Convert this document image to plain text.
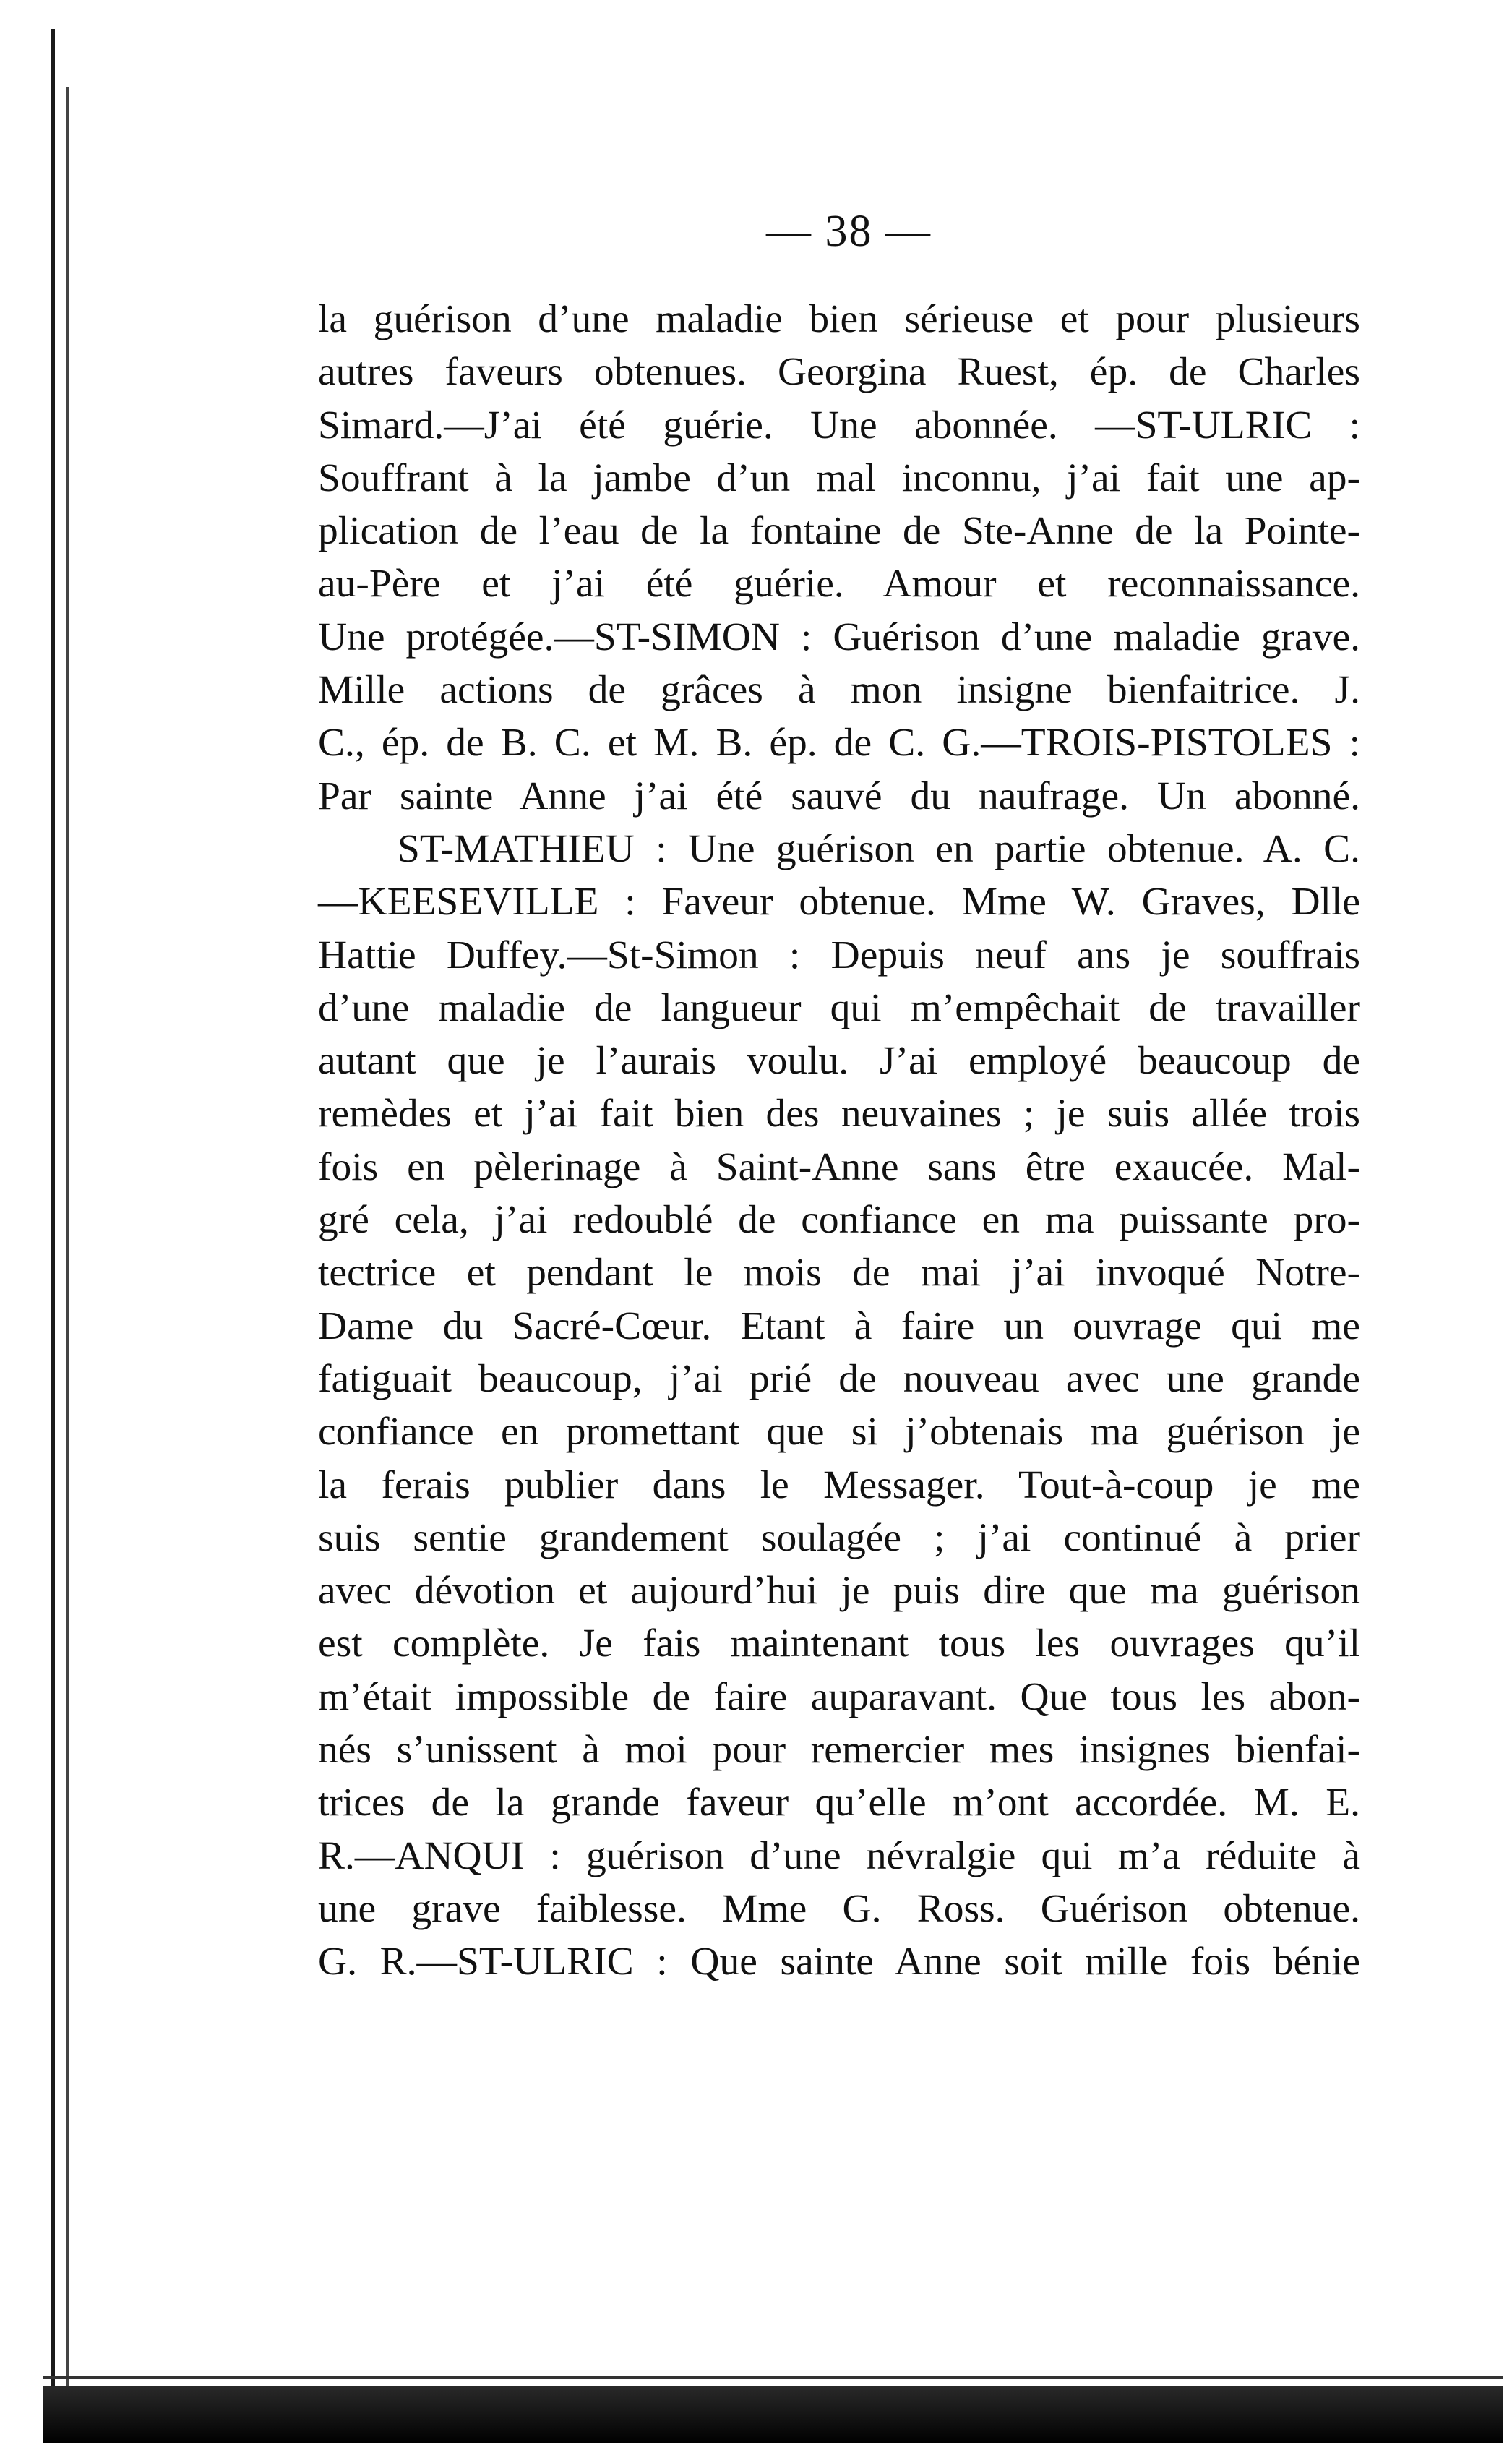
— 38 —
la guérison d’une maladie bien sérieuse et pour plusieurs
autres faveurs obtenues. Georgina Ruest, ép. de Charles
Simard.—J’ai été guérie. Une abonnée. —ST-ULRIC :
Souffrant à la jambe d’un mal inconnu, j’ai fait une ap-
plication de l’eau de la fontaine de Ste-Anne de la Pointe-
au-Père et j’ai été guérie. Amour et reconnaissance.
Une protégée.—ST-SIMON : Guérison d’une maladie grave.
Mille actions de grâces à mon insigne bienfaitrice. J.
C., ép. de B. C. et M. B. ép. de C. G.—TROIS-PISTOLES :
Par sainte Anne j’ai été sauvé du naufrage. Un abonné.
ST-MATHIEU : Une guérison en partie obtenue. A. C.
—KEESEVILLE : Faveur obtenue. Mme W. Graves, Dlle
Hattie Duffey.—St-Simon : Depuis neuf ans je souffrais
d’une maladie de langueur qui m’empêchait de travailler
autant que je l’aurais voulu. J’ai employé beaucoup de
remèdes et j’ai fait bien des neuvaines ; je suis allée trois
fois en pèlerinage à Saint-Anne sans être exaucée. Mal-
gré cela, j’ai redoublé de confiance en ma puissante pro-
tectrice et pendant le mois de mai j’ai invoqué Notre-
Dame du Sacré-Cœur. Etant à faire un ouvrage qui me
fatiguait beaucoup, j’ai prié de nouveau avec une grande
confiance en promettant que si j’obtenais ma guérison je
la ferais publier dans le Messager. Tout-à-coup je me
suis sentie grandement soulagée ; j’ai continué à prier
avec dévotion et aujourd’hui je puis dire que ma guérison
est complète. Je fais maintenant tous les ouvrages qu’il
m’était impossible de faire auparavant. Que tous les abon-
nés s’unissent à moi pour remercier mes insignes bienfai-
trices de la grande faveur qu’elle m’ont accordée. M. E.
R.—ANQUI : guérison d’une névralgie qui m’a réduite à
une grave faiblesse. Mme G. Ross. Guérison obtenue.
G. R.—ST-ULRIC : Que sainte Anne soit mille fois bénie
